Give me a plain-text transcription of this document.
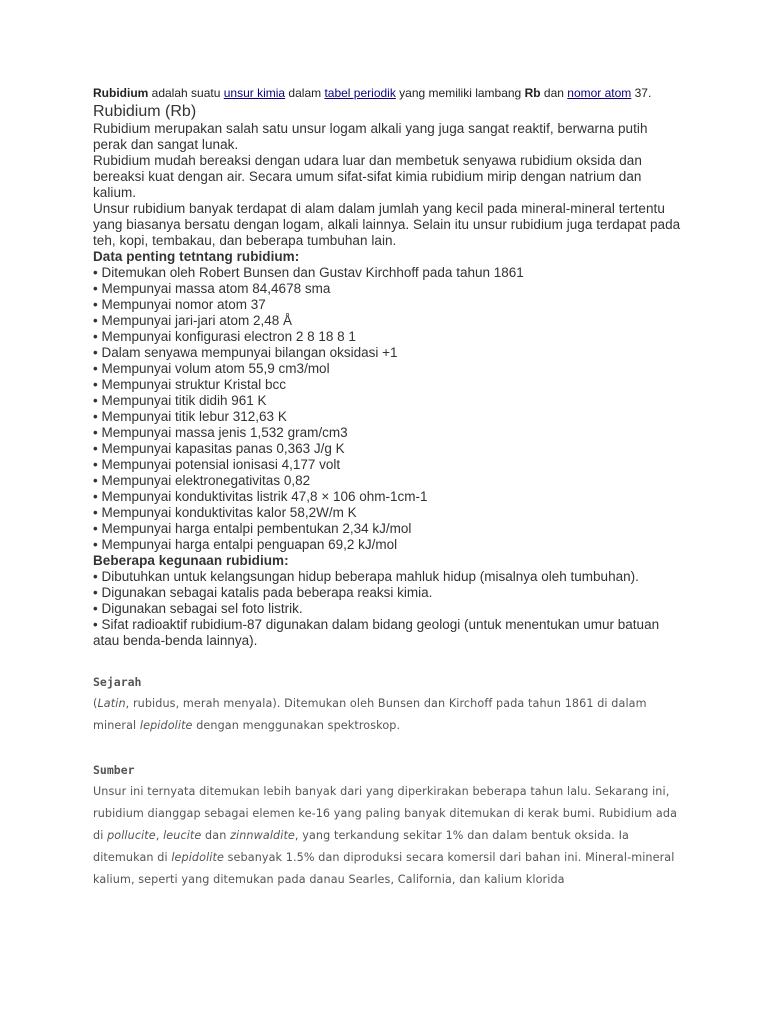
Rubidium adalah suatu unsur kimia dalam tabel periodik yang memiliki lambang Rb dan nomor atom 37.

Rubidium (Rb)

Rubidium merupakan salah satu unsur logam alkali yang juga sangat reaktif, berwarna putih perak dan sangat lunak.

Rubidium mudah bereaksi dengan udara luar dan membetuk senyawa rubidium oksida dan bereaksi kuat dengan air. Secara umum sifat-sifat kimia rubidium mirip dengan natrium dan kalium.

Unsur rubidium banyak terdapat di alam dalam jumlah yang kecil pada mineral-mineral tertentu yang biasanya bersatu dengan logam, alkali lainnya. Selain itu unsur rubidium juga terdapat pada teh, kopi, tembakau, dan beberapa tumbuhan lain.

Data penting tetntang rubidium:

• Ditemukan oleh Robert Bunsen dan Gustav Kirchhoff pada tahun 1861
• Mempunyai massa atom 84,4678 sma
• Mempunyai nomor atom 37
• Mempunyai jari-jari atom 2,48 Å
• Mempunyai konfigurasi electron 2 8 18 8 1
• Dalam senyawa mempunyai bilangan oksidasi +1
• Mempunyai volum atom 55,9 cm3/mol
• Mempunyai struktur Kristal bcc
• Mempunyai titik didih 961 K
• Mempunyai titik lebur 312,63 K
• Mempunyai massa jenis 1,532 gram/cm3
• Mempunyai kapasitas panas 0,363 J/g K
• Mempunyai potensial ionisasi 4,177 volt
• Mempunyai elektronegativitas 0,82
• Mempunyai konduktivitas listrik 47,8 × 106 ohm-1cm-1
• Mempunyai konduktivitas kalor 58,2W/m K
• Mempunyai harga entalpi pembentukan 2,34 kJ/mol
• Mempunyai harga entalpi penguapan 69,2 kJ/mol

Beberapa kegunaan rubidium:

• Dibutuhkan untuk kelangsungan hidup beberapa mahluk hidup (misalnya oleh tumbuhan).
• Digunakan sebagai katalis pada beberapa reaksi kimia.
• Digunakan sebagai sel foto listrik.
• Sifat radioaktif rubidium-87 digunakan dalam bidang geologi (untuk menentukan umur batuan atau benda-benda lainnya).

Sejarah

(Latin, rubidus, merah menyala). Ditemukan oleh Bunsen dan Kirchoff pada tahun 1861 di dalam mineral lepidolite dengan menggunakan spektroskop.

Sumber

Unsur ini ternyata ditemukan lebih banyak dari yang diperkirakan beberapa tahun lalu. Sekarang ini, rubidium dianggap sebagai elemen ke-16 yang paling banyak ditemukan di kerak bumi. Rubidium ada di pollucite, leucite dan zinnwaldite, yang terkandung sekitar 1% dan dalam bentuk oksida. Ia ditemukan di lepidolite sebanyak 1.5% dan diproduksi secara komersil dari bahan ini. Mineral-mineral kalium, seperti yang ditemukan pada danau Searles, California, dan kalium klorida
